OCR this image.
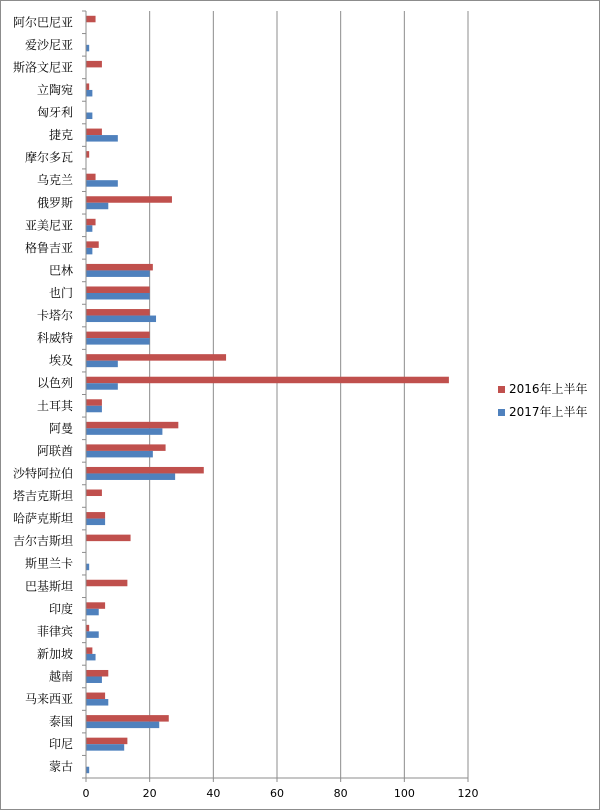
阿尔巴尼亚
爱沙尼亚
斯洛文尼亚
立陶宛
匈牙利
捷克
摩尔多瓦
乌克兰
俄罗斯
亚美尼亚
格鲁吉亚
巴林
也门
卡塔尔
科威特
埃及
以色列
土耳其
阿曼
阿联酋
沙特阿拉伯
塔吉克斯坦
哈萨克斯坦
吉尔吉斯坦
斯里兰卡
巴基斯坦
印度
菲律宾
新加坡
越南
马来西亚
泰国
印尼
蒙古
0	20	40	60	80	100	120
2016年上半年
2017年上半年
